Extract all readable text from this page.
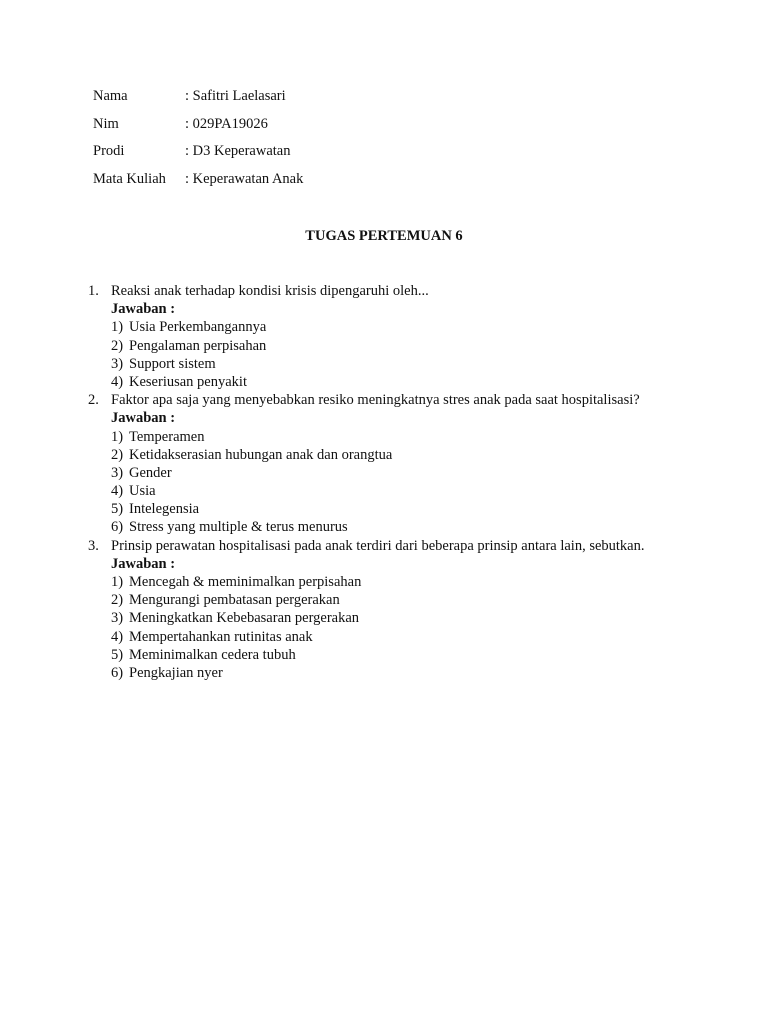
Nama	: Safitri Laelasari
Nim	: 029PA19026
Prodi	: D3 Keperawatan
Mata Kuliah	: Keperawatan Anak
TUGAS PERTEMUAN 6
1. Reaksi anak terhadap kondisi krisis dipengaruhi oleh...
Jawaban :
1) Usia Perkembangannya
2) Pengalaman perpisahan
3) Support sistem
4) Keseriusan penyakit
2. Faktor apa saja yang menyebabkan resiko meningkatnya stres anak pada saat hospitalisasi?
Jawaban :
1) Temperamen
2) Ketidakserasian hubungan anak dan orangtua
3) Gender
4) Usia
5) Intelegensia
6) Stress yang multiple & terus menurus
3. Prinsip perawatan hospitalisasi pada anak terdiri dari beberapa prinsip antara lain, sebutkan.
Jawaban :
1) Mencegah & meminimalkan perpisahan
2) Mengurangi pembatasan pergerakan
3) Meningkatkan Kebebasaran pergerakan
4) Mempertahankan rutinitas anak
5) Meminimalkan cedera tubuh
6) Pengkajian nyer
